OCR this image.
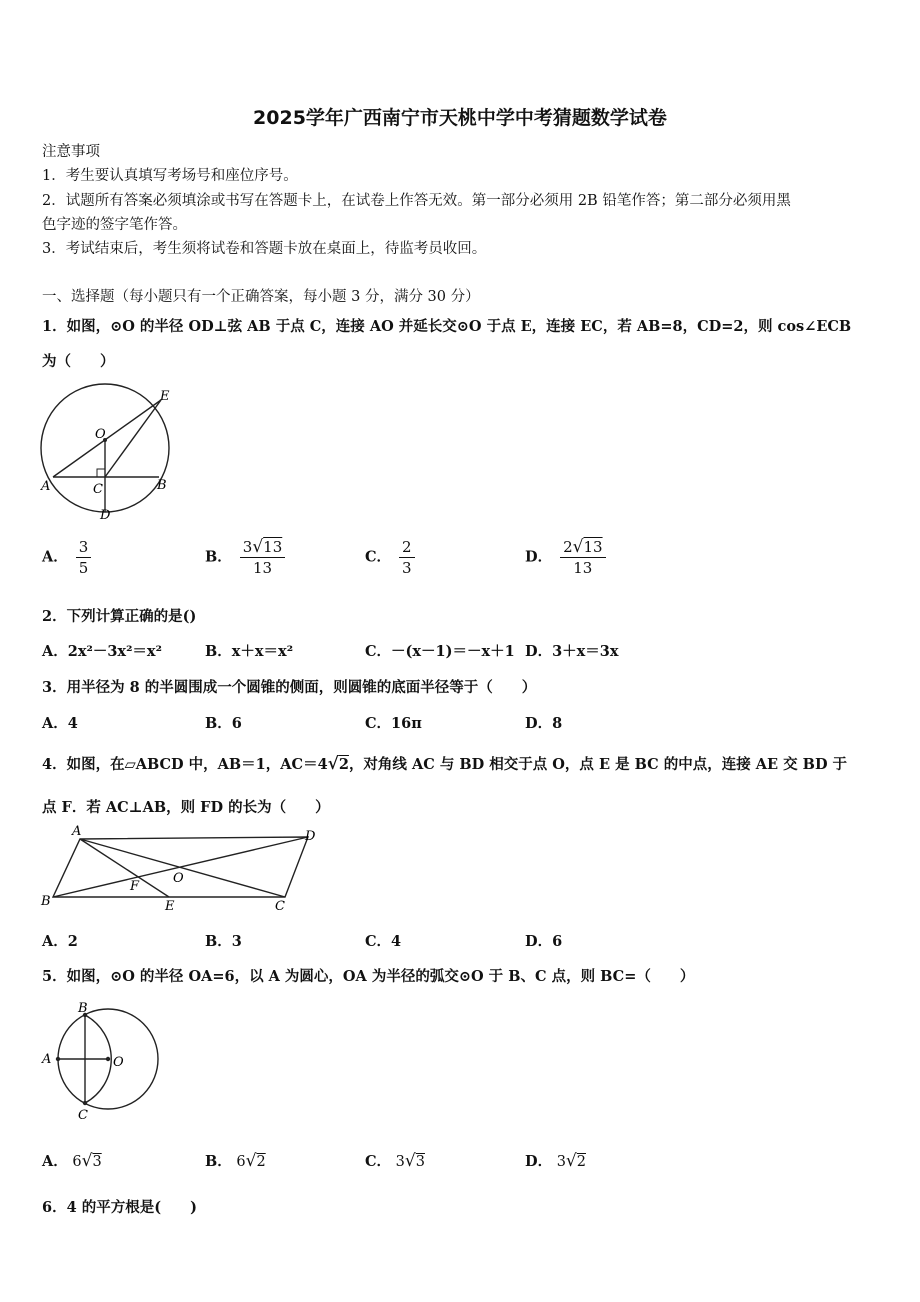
2025学年广西南宁市天桃中学中考猜题数学试卷
注意事项
1．考生要认真填写考场号和座位序号。
2．试题所有答案必须填涂或书写在答题卡上，在试卷上作答无效。第一部分必须用 2B 铅笔作答；第二部分必须用黑
色字迹的签字笔作答。
3．考试结束后，考生须将试卷和答题卡放在桌面上，待监考员收回。
一、选择题（每小题只有一个正确答案，每小题 3 分，满分 30 分）
1．如图，⊙O 的半径 OD⊥弦 AB 于点 C，连接 AO 并延长交⊙O 于点 E，连接 EC，若 AB=8，CD=2，则 cos∠ECB
为（　　）
O
E
A	C	B
D
A． $\frac{3}{5}$	B． $\frac{3√13}{13}$	C． $\frac{2}{3}$	D． $\frac{2√13}{13}$
2．下列计算正确的是()
A．2x²－3x²＝x²	B．x＋x＝x²	C．－(x－1)＝－x＋1 D．3＋x＝3x
3．用半径为 8 的半圆围成一个圆锥的侧面，则圆锥的底面半径等于（　　）
A．4	B．6	C．16π	D．8
4．如图，在▱ABCD 中，AB＝1，AC＝4√2，对角线 AC 与 BD 相交于点 O，点 E 是 BC 的中点，连接 AE 交 BD 于
点 F．若 AC⊥AB，则 FD 的长为（　　）
A	D
B	C
O
F
E
A．2	B．3	C．4	D．6
5．如图，⊙O 的半径 OA=6，以 A 为圆心，OA 为半径的弧交⊙O 于 B、C 点，则 BC=（　　）
B
A	O
C
A． 6√3	B． 6√2	C． 3√3	D． 3√2
6．4 的平方根是(　　)
